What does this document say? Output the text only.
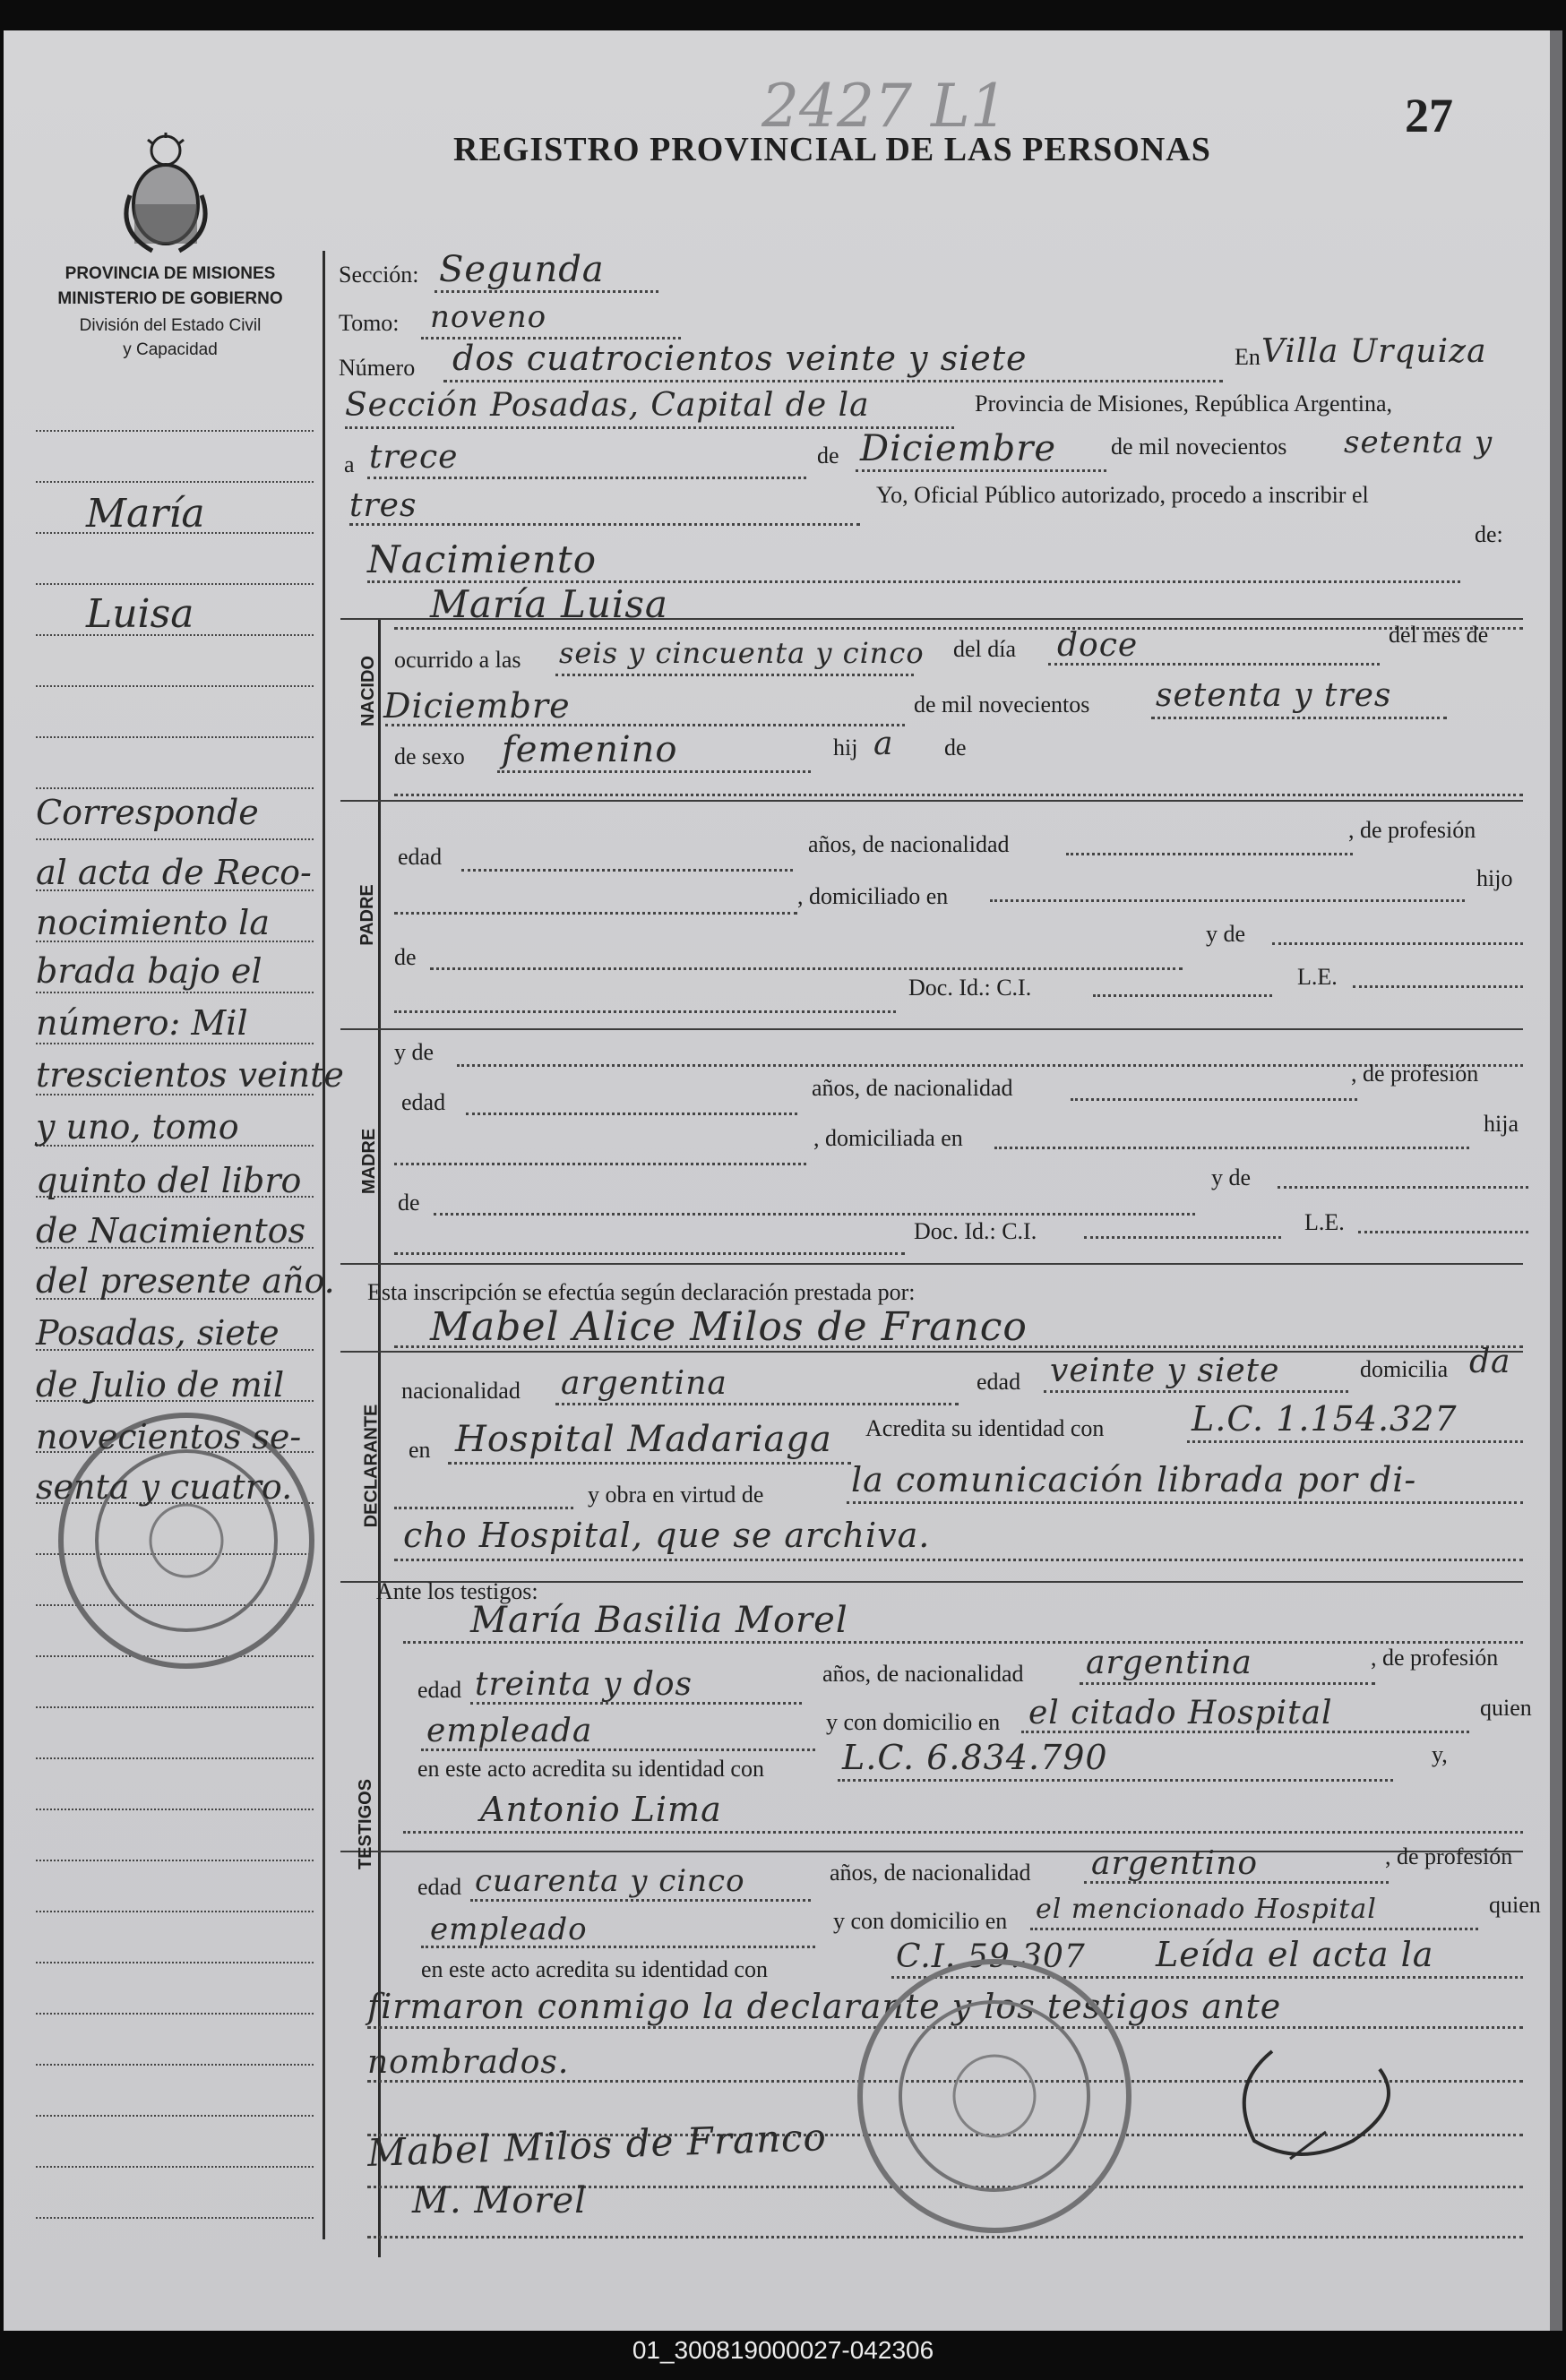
2427 L1
REGISTRO PROVINCIAL DE LAS PERSONAS
27
PROVINCIA DE MISIONES
MINISTERIO DE GOBIERNO
División del Estado Civil
y Capacidad
NACIDO
PADRE
MADRE
DECLARANTE
TESTIGOS
Sección: Segunda
Tomo: noveno
Número dos cuatrocientos veinte y siete	En Villa Urquiza
Sección Posadas, Capital de la	Provincia de Misiones, República Argentina,
a trece	de Diciembre de mil novecientos setenta y
tres	Yo, Oficial Público autorizado, procedo a inscribir el
Nacimiento
de:
María Luisa
ocurrido a las seis y cincuenta y cinco del día doce	del mes de
Diciembre	de mil novecientos setenta y tres
de sexo femenino	hij a de
edad	años, de nacionalidad
, de profesión
, domiciliado en
hijo
de
y de
Doc. Id.: C.I.	L.E.
y de
edad
años, de nacionalidad
, de profesión
, domiciliada en
hija
de
y de
Doc. Id.: C.I.	L.E.
Esta inscripción se efectúa según declaración prestada por:
Mabel Alice Milos de Franco
nacionalidad argentina	edad veinte y siete	domicilia da
en Hospital Madariaga Acredita su identidad con	L.C. 1.154.327
y obra en virtud de	la comunicación librada por di-
cho Hospital, que se archiva.
Ante los testigos:
María Basilia Morel
edad treinta y dos	años, de nacionalidad argentina	, de profesión
empleada	y con domicilio en el citado Hospital	quien
en este acto acredita su identidad con L.C. 6.834.790	y,
Antonio Lima
edad cuarenta y cinco	años, de nacionalidad argentino	, de profesión
empleado	y con domicilio en el mencionado Hospital	quien
en este acto acredita su identidad con	C.I. 59.307 Leída el acta la
firmaron conmigo la declarante y los testigos ante
nombrados.
Mabel Milos de Franco
M. Morel
María
Luisa
Corresponde
al acta de Reco-
nocimiento la
brada bajo el
número: Mil
trescientos veinte
y uno, tomo
quinto del libro
de Nacimientos
del presente año.
Posadas, siete
de Julio de mil
novecientos se-
senta y cuatro.
01_300819000027-042306
